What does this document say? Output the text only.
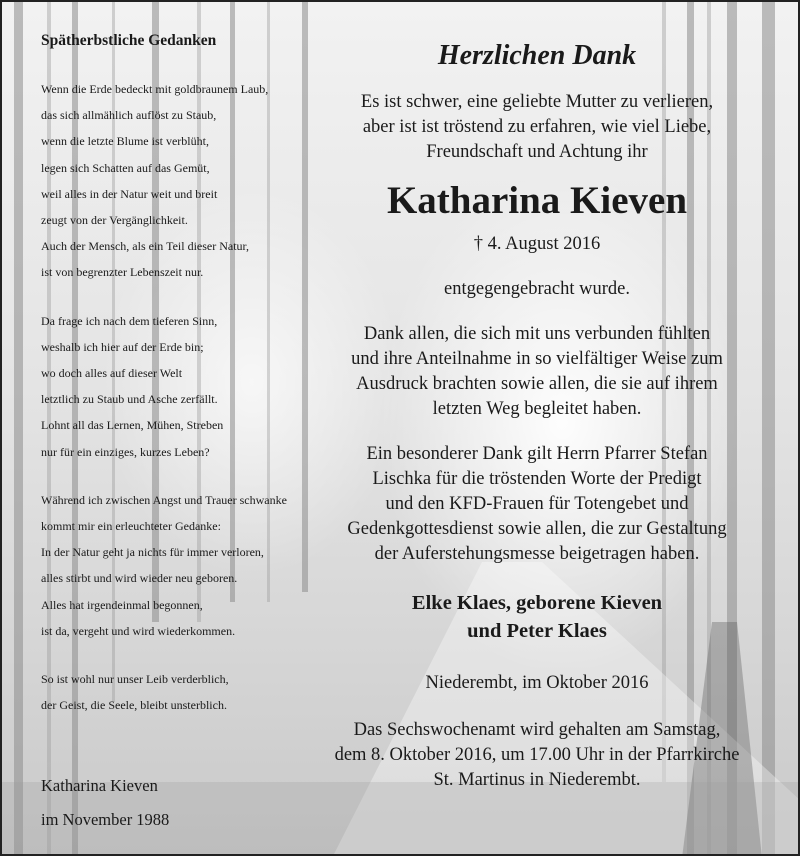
Spätherbstliche Gedanken
Wenn die Erde bedeckt mit goldbraunem Laub,
das sich allmählich auflöst zu Staub,
wenn die letzte Blume ist verblüht,
legen sich Schatten auf das Gemüt,
weil alles in der Natur weit und breit
zeugt von der Vergänglichkeit.
Auch der Mensch, als ein Teil dieser Natur,
ist von begrenzter Lebenszeit nur.
Da frage ich nach dem tieferen Sinn,
weshalb ich hier auf der Erde bin;
wo doch alles auf dieser Welt
letztlich zu Staub und Asche zerfällt.
Lohnt all das Lernen, Mühen, Streben
nur für ein einziges, kurzes Leben?
Während ich zwischen Angst und Trauer schwanke
kommt mir ein erleuchteter Gedanke:
In der Natur geht ja nichts für immer verloren,
alles stirbt und wird wieder neu geboren.
Alles hat irgendeinmal begonnen,
ist da, vergeht und wird wiederkommen.
So ist wohl nur unser Leib verderblich,
der Geist, die Seele, bleibt unsterblich.
Katharina Kieven
im November 1988
Herzlichen Dank
Es ist schwer, eine geliebte Mutter zu verlieren,
aber ist ist tröstend zu erfahren, wie viel Liebe,
Freundschaft und Achtung ihr
Katharina Kieven
† 4. August 2016
entgegengebracht wurde.
Dank allen, die sich mit uns verbunden fühlten
und ihre Anteilnahme in so vielfältiger Weise zum
Ausdruck brachten sowie allen, die sie auf ihrem
letzten Weg begleitet haben.
Ein besonderer Dank gilt Herrn Pfarrer Stefan
Lischka für die tröstenden Worte der Predigt
und den KFD-Frauen für Totengebet und
Gedenkgottesdienst sowie allen, die zur Gestaltung
der Auferstehungsmesse beigetragen haben.
Elke Klaes, geborene Kieven
und Peter Klaes
Niederembt, im Oktober 2016
Das Sechswochenamt wird gehalten am Samstag,
dem 8. Oktober 2016, um 17.00 Uhr in der Pfarrkirche
St. Martinus in Niederembt.
